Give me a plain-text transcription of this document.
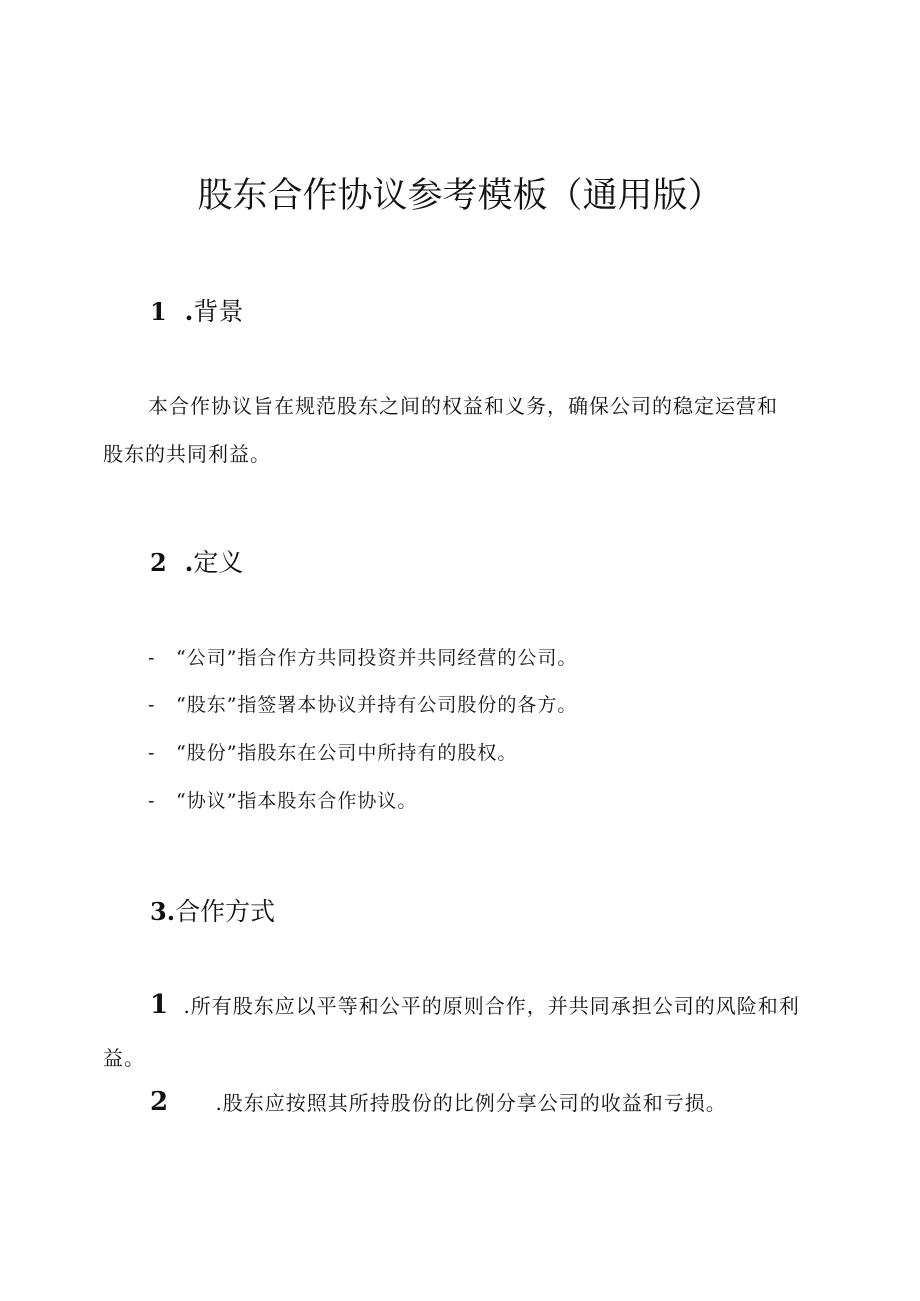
股东合作协议参考模板（通用版）
1 .背景
本合作协议旨在规范股东之间的权益和义务，确保公司的稳定运营和
股东的共同利益。
2 .定义
- “公司”指合作方共同投资并共同经营的公司。
- “股东”指签署本协议并持有公司股份的各方。
- “股份”指股东在公司中所持有的股权。
- “协议”指本股东合作协议。
3.合作方式
1 .所有股东应以平等和公平的原则合作，并共同承担公司的风险和利
益。
2 .股东应按照其所持股份的比例分享公司的收益和亏损。
